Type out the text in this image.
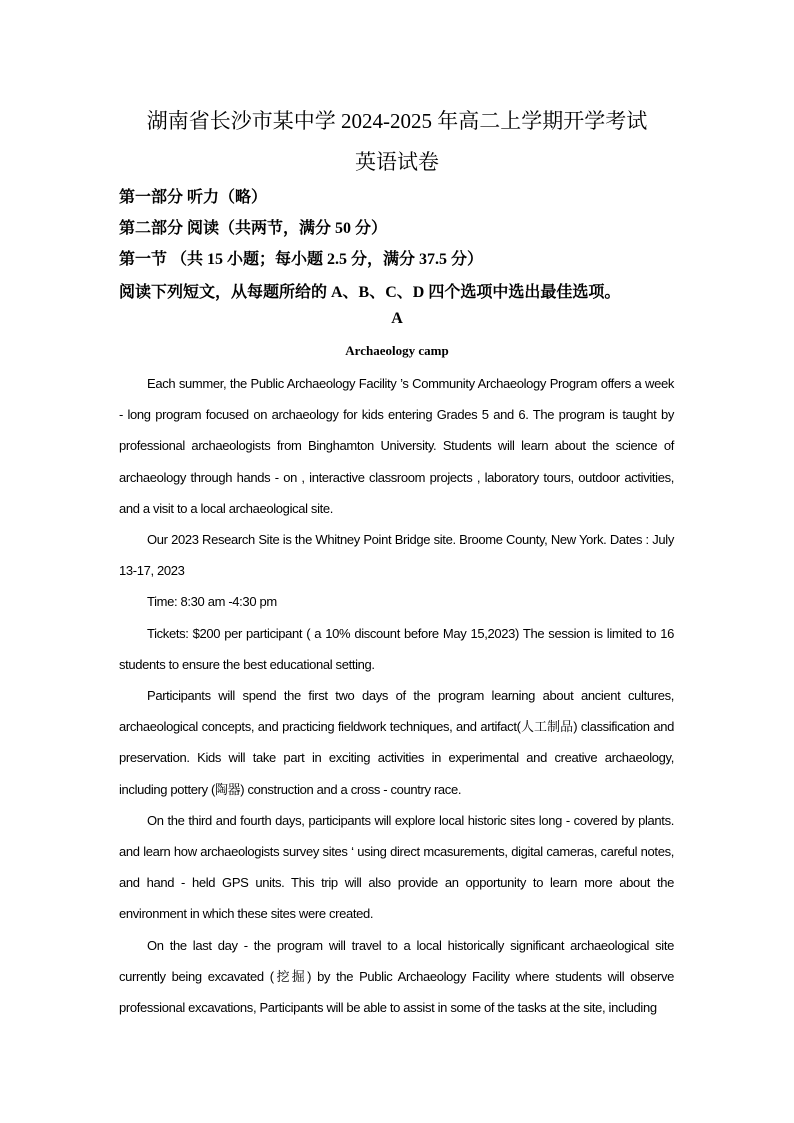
湖南省长沙市某中学 2024-2025 年高二上学期开学考试
英语试卷
第一部分 听力（略）
第二部分 阅读（共两节，满分 50 分）
第一节 （共 15 小题；每小题 2.5 分，满分 37.5 分）
阅读下列短文，从每题所给的 A、B、C、D 四个选项中选出最佳选项。
A
Archaeology camp

Each summer, the Public Archaeology Facility ’s Community Archaeology Program offers a week - long program focused on archaeology for kids entering Grades 5 and 6. The program is taught by professional archaeologists from Binghamton University. Students will learn about the science of archaeology through hands - on , interactive classroom projects , laboratory tours, outdoor activities, and a visit to a local archaeological site.

Our 2023 Research Site is the Whitney Point Bridge site. Broome County, New York. Dates : July 13-17, 2023

Time: 8:30 am -4:30 pm

Tickets: $200 per participant ( a 10% discount before May 15,2023) The session is limited to 16 students to ensure the best educational setting.

Participants will spend the first two days of the program learning about ancient cultures, archaeological concepts, and practicing fieldwork techniques, and artifact(人工制品) classification and preservation. Kids will take part in exciting activities in experimental and creative archaeology, including pottery (陶器) construction and a cross - country race.

On the third and fourth days, participants will explore local historic sites long - covered by plants. and learn how archaeologists survey sites ‘ using direct mcasurements, digital cameras, careful notes, and hand - held GPS units. This trip will also provide an opportunity to learn more about the environment in which these sites were created.

On the last day - the program will travel to a local historically significant archaeological site currently being excavated (挖掘) by the Public Archaeology Facility where students will observe professional excavations, Participants will be able to assist in some of the tasks at the site, including
